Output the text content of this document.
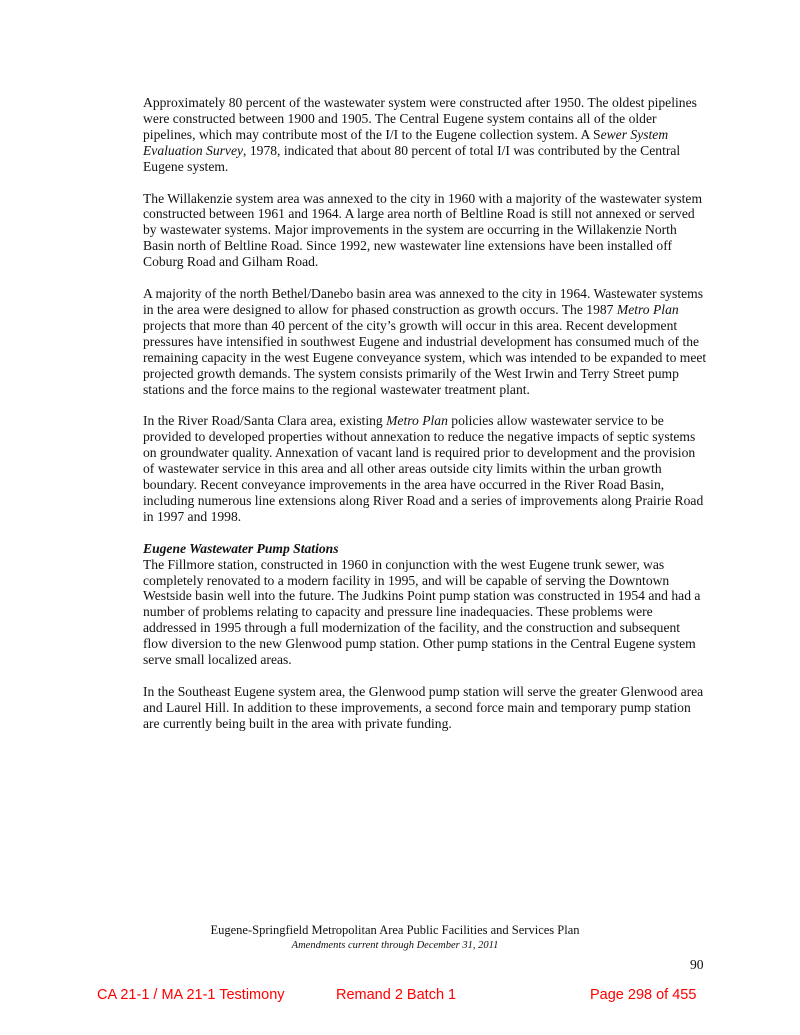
Approximately 80 percent of the wastewater system were constructed after 1950. The oldest pipelines were constructed between 1900 and 1905. The Central Eugene system contains all of the older pipelines, which may contribute most of the I/I to the Eugene collection system. A Sewer System Evaluation Survey, 1978, indicated that about 80 percent of total I/I was contributed by the Central Eugene system.

The Willakenzie system area was annexed to the city in 1960 with a majority of the wastewater system constructed between 1961 and 1964. A large area north of Beltline Road is still not annexed or served by wastewater systems. Major improvements in the system are occurring in the Willakenzie North Basin north of Beltline Road. Since 1992, new wastewater line extensions have been installed off Coburg Road and Gilham Road.

A majority of the north Bethel/Danebo basin area was annexed to the city in 1964. Wastewater systems in the area were designed to allow for phased construction as growth occurs. The 1987 Metro Plan projects that more than 40 percent of the city’s growth will occur in this area. Recent development pressures have intensified in southwest Eugene and industrial development has consumed much of the remaining capacity in the west Eugene conveyance system, which was intended to be expanded to meet projected growth demands. The system consists primarily of the West Irwin and Terry Street pump stations and the force mains to the regional wastewater treatment plant.

In the River Road/Santa Clara area, existing Metro Plan policies allow wastewater service to be provided to developed properties without annexation to reduce the negative impacts of septic systems on groundwater quality. Annexation of vacant land is required prior to development and the provision of wastewater service in this area and all other areas outside city limits within the urban growth boundary. Recent conveyance improvements in the area have occurred in the River Road Basin, including numerous line extensions along River Road and a series of improvements along Prairie Road in 1997 and 1998.

Eugene Wastewater Pump Stations

The Fillmore station, constructed in 1960 in conjunction with the west Eugene trunk sewer, was completely renovated to a modern facility in 1995, and will be capable of serving the Downtown Westside basin well into the future. The Judkins Point pump station was constructed in 1954 and had a number of problems relating to capacity and pressure line inadequacies. These problems were addressed in 1995 through a full modernization of the facility, and the construction and subsequent flow diversion to the new Glenwood pump station. Other pump stations in the Central Eugene system serve small localized areas.

In the Southeast Eugene system area, the Glenwood pump station will serve the greater Glenwood area and Laurel Hill. In addition to these improvements, a second force main and temporary pump station are currently being built in the area with private funding.

Eugene-Springfield Metropolitan Area Public Facilities and Services Plan
Amendments current through December 31, 2011
90
CA 21-1 / MA 21-1 Testimony	Remand 2 Batch 1	Page 298 of 455
